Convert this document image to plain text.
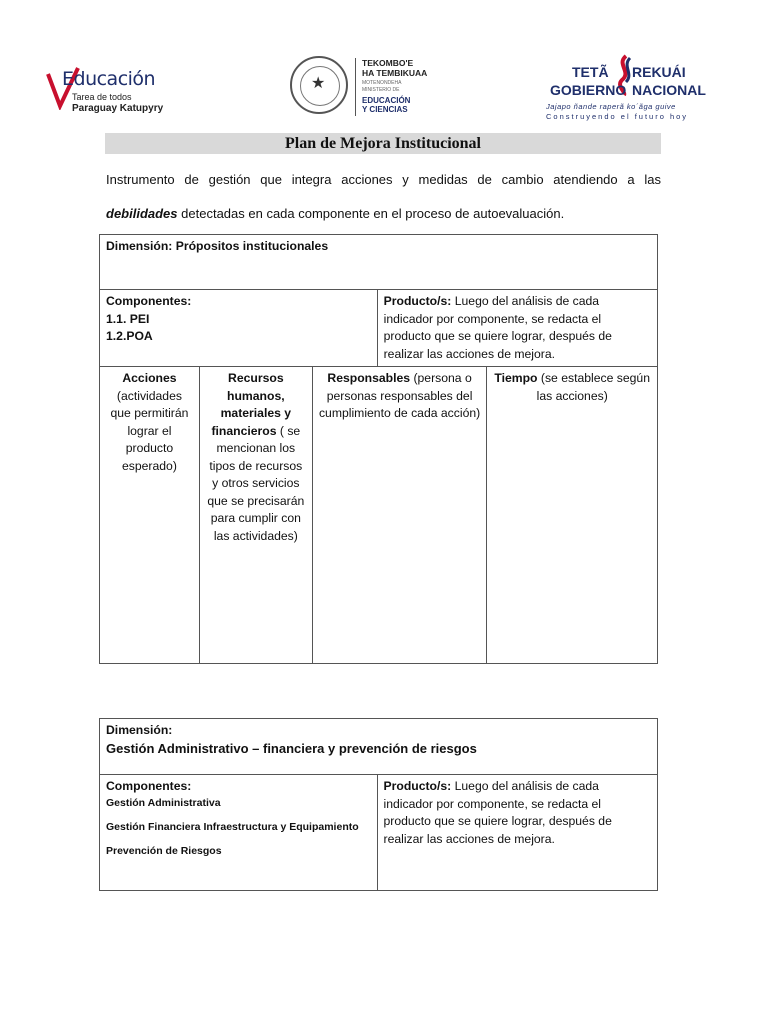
Educación
Tarea de todos
Paraguay Katupyry
★
TEKOMBO'E
HA TEMBIKUAA
MOTENONDEHA
MINISTERIO DE
EDUCACIÓN
Y CIENCIAS
TETÃ REKUÁI
GOBIERNO NACIONAL
Jajapo ñande raperã ko´ãga guive
Construyendo el futuro hoy
Plan de Mejora Institucional
Instrumento de gestión que integra acciones y medidas de cambio atendiendo a las debilidades detectadas en cada componente en el proceso de autoevaluación.
Dimensión: Própositos institucionales				

Componentes:
1.1. PEI
1.2.POA			Producto/s: Luego del análisis de cada indicador por componente, se redacta el producto que se quiere lograr, después de realizar las acciones de mejora.	
Acciones (actividades que permitirán lograr el producto esperado)	Recursos humanos, materiales y financieros ( se mencionan los tipos de recursos y otros servicios que se precisarán para cumplir con las actividades)	Responsables (persona o personas responsables del cumplimiento de cada acción)		Tiempo (se establece según las acciones)
Dimensión:
Gestión Administrativo – financiera y prevención de riesgos

Componentes:
Gestión Administrativa
Gestión Financiera Infraestructura y Equipamiento
Prevención de Riesgos
	Producto/s: Luego del análisis de cada indicador por componente, se redacta el producto que se quiere lograr, después de realizar las acciones de mejora.
